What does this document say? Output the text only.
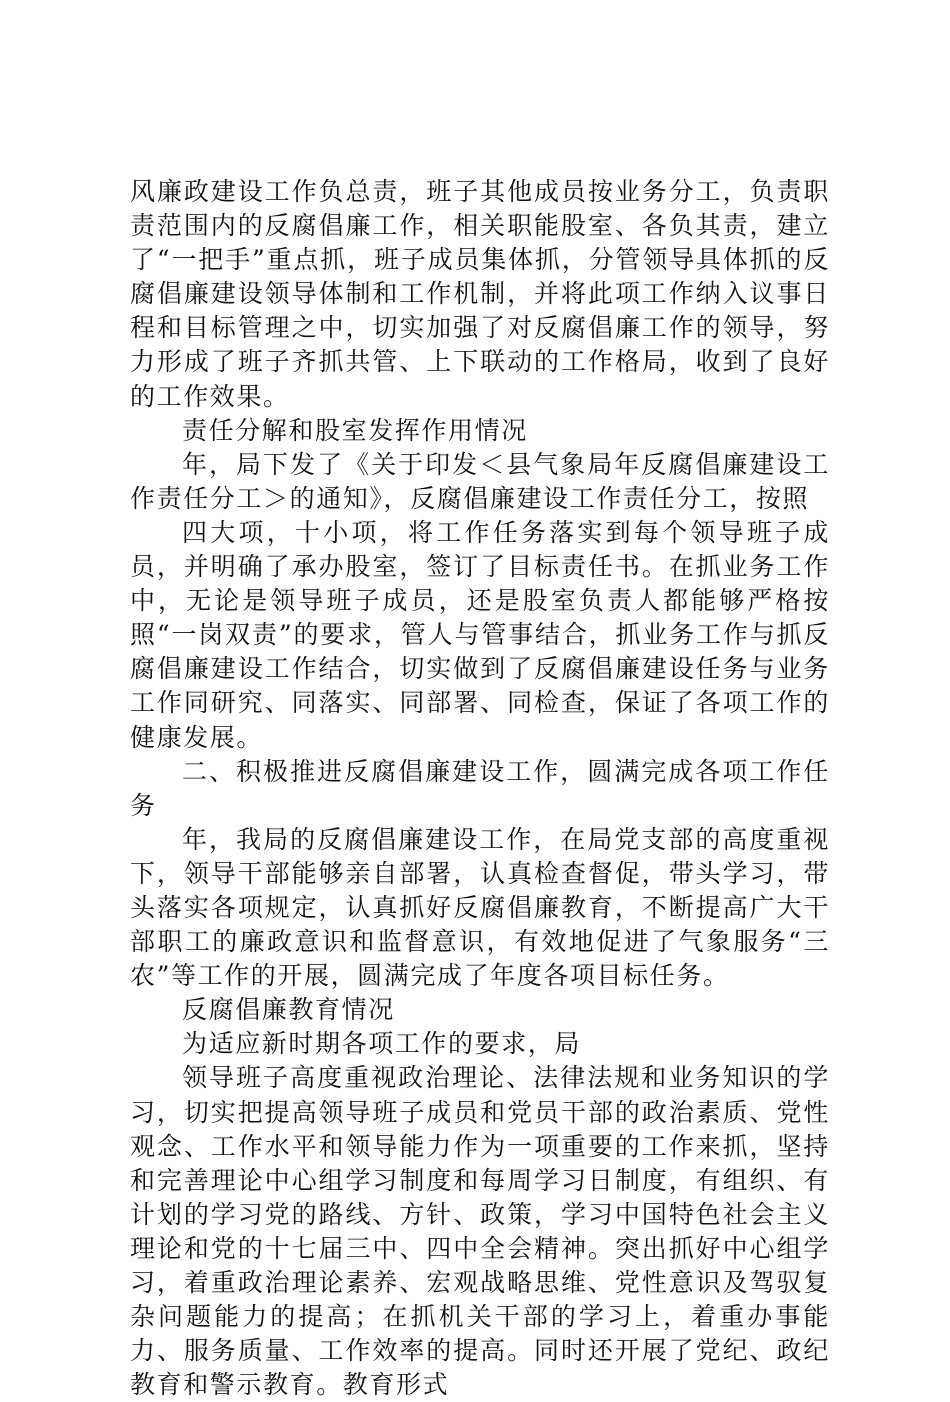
风廉政建设工作负总责，班子其他成员按业务分工，负责职责范围内的反腐倡廉工作，相关职能股室、各负其责，建立了“一把手”重点抓，班子成员集体抓，分管领导具体抓的反腐倡廉建设领导体制和工作机制，并将此项工作纳入议事日程和目标管理之中，切实加强了对反腐倡廉工作的领导，努力形成了班子齐抓共管、上下联动的工作格局，收到了良好的工作效果。

责任分解和股室发挥作用情况

年，局下发了《关于印发＜县气象局年反腐倡廉建设工作责任分工＞的通知》，反腐倡廉建设工作责任分工，按照

四大项，十小项，将工作任务落实到每个领导班子成员，并明确了承办股室，签订了目标责任书。在抓业务工作中，无论是领导班子成员，还是股室负责人都能够严格按照“一岗双责”的要求，管人与管事结合，抓业务工作与抓反腐倡廉建设工作结合，切实做到了反腐倡廉建设任务与业务工作同研究、同落实、同部署、同检查，保证了各项工作的健康发展。

二、积极推进反腐倡廉建设工作，圆满完成各项工作任务

年，我局的反腐倡廉建设工作，在局党支部的高度重视下，领导干部能够亲自部署，认真检查督促，带头学习，带头落实各项规定，认真抓好反腐倡廉教育，不断提高广大干部职工的廉政意识和监督意识，有效地促进了气象服务“三农”等工作的开展，圆满完成了年度各项目标任务。

反腐倡廉教育情况

为适应新时期各项工作的要求，局

领导班子高度重视政治理论、法律法规和业务知识的学习，切实把提高领导班子成员和党员干部的政治素质、党性观念、工作水平和领导能力作为一项重要的工作来抓，坚持和完善理论中心组学习制度和每周学习日制度，有组织、有计划的学习党的路线、方针、政策，学习中国特色社会主义理论和党的十七届三中、四中全会精神。突出抓好中心组学习，着重政治理论素养、宏观战略思维、党性意识及驾驭复杂问题能力的提高；在抓机关干部的学习上，着重办事能力、服务质量、工作效率的提高。同时还开展了党纪、政纪教育和警示教育。教育形式
